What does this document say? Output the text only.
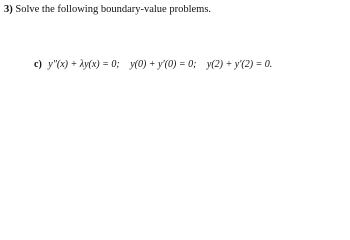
3) Solve the following boundary-value problems.
c) y″(x) + λy(x) = 0; y(0) + y′(0) = 0; y(2) + y′(2) = 0.
